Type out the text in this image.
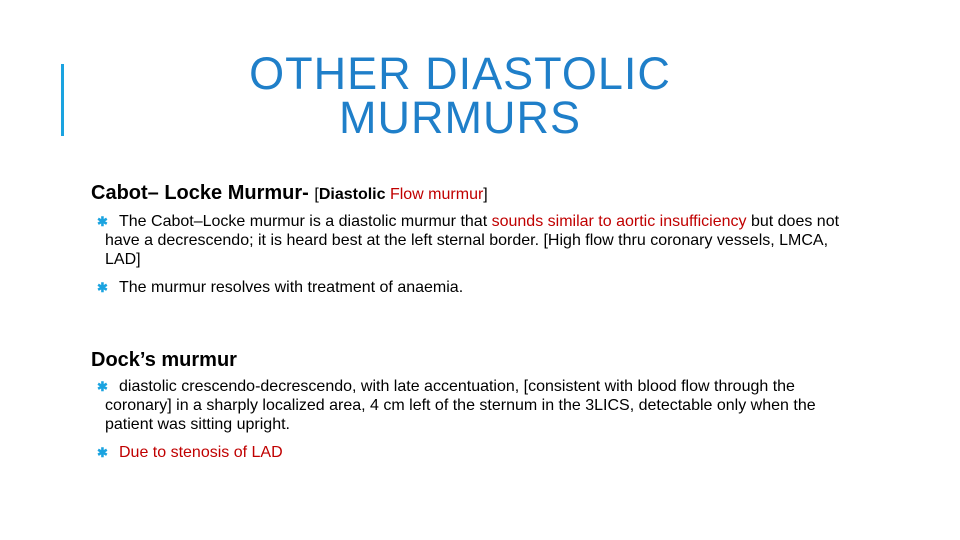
OTHER DIASTOLIC
MURMURS
Cabot– Locke Murmur- [Diastolic Flow murmur]
✱ The Cabot–Locke murmur is a diastolic murmur that sounds similar to aortic insufficiency but does not have a decrescendo; it is heard best at the left sternal border. [High flow thru coronary vessels, LMCA, LAD]
✱ The murmur resolves with treatment of anaemia.
Dock’s murmur
✱ diastolic crescendo-decrescendo, with late accentuation, [consistent with blood flow through the coronary] in a sharply localized area, 4 cm left of the sternum in the 3LICS, detectable only when the patient was sitting upright.
✱ Due to stenosis of LAD
